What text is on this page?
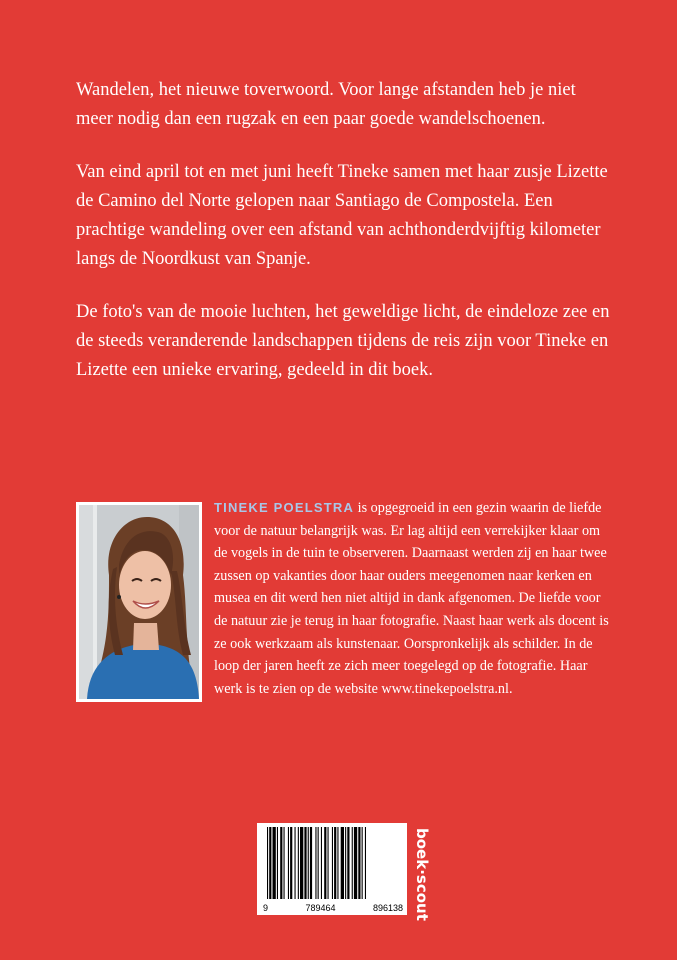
Wandelen, het nieuwe toverwoord. Voor lange afstanden heb je niet meer nodig dan een rugzak en een paar goede wandelschoenen.

Van eind april tot en met juni heeft Tineke samen met haar zusje Lizette de Camino del Norte gelopen naar Santiago de Compostela. Een prachtige wandeling over een afstand van achthonderdvijftig kilometer langs de Noordkust van Spanje.

De foto's van de mooie luchten, het geweldige licht, de eindeloze zee en de steeds veranderende landschappen tijdens de reis zijn voor Tineke en Lizette een unieke ervaring, gedeeld in dit boek.

TINEKE POELSTRA is opgegroeid in een gezin waarin de liefde voor de natuur belangrijk was. Er lag altijd een verrekijker klaar om de vogels in de tuin te observeren. Daarnaast werden zij en haar twee zussen op vakanties door haar ouders meegenomen naar kerken en musea en dit werd hen niet altijd in dank afgenomen. De liefde voor de natuur zie je terug in haar fotografie. Naast haar werk als docent is ze ook werkzaam als kunstenaar. Oorspronkelijk als schilder. In de loop der jaren heeft ze zich meer toegelegd op de fotografie. Haar werk is te zien op de website www.tinekepoelstra.nl.
9	789464	896138 boek·scout
